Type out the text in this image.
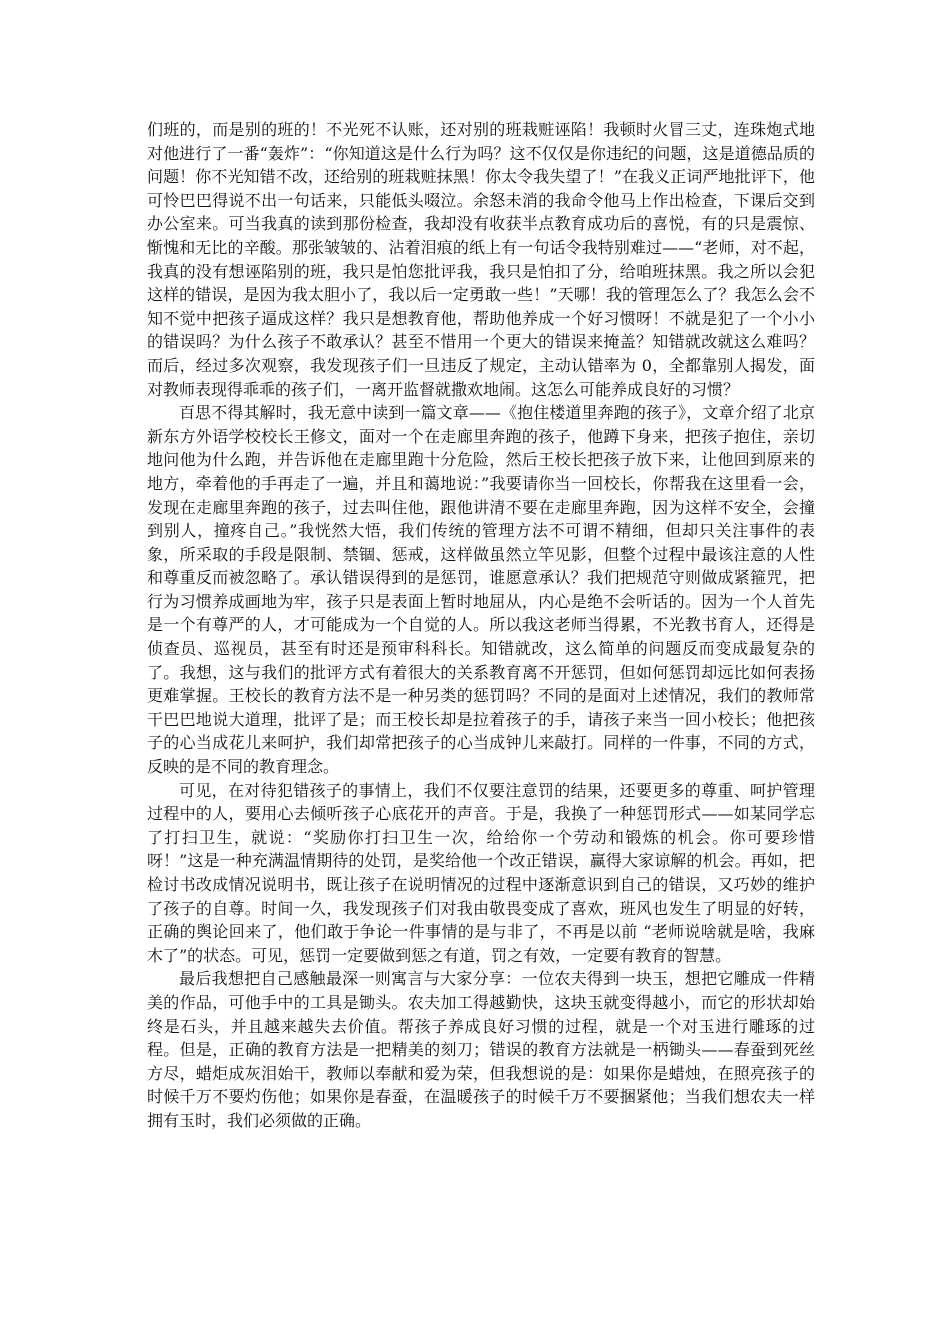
们班的，而是别的班的！不光死不认账，还对别的班栽赃诬陷！我顿时火冒三丈，连珠炮式地对他进行了一番“轰炸”：“你知道这是什么行为吗？这不仅仅是你违纪的问题，这是道德品质的问题！你不光知错不改，还给别的班栽赃抹黑！你太令我失望了！”在我义正词严地批评下，他可怜巴巴得说不出一句话来，只能低头啜泣。余怒未消的我命令他马上作出检查，下课后交到办公室来。可当我真的读到那份检查，我却没有收获半点教育成功后的喜悦，有的只是震惊、惭愧和无比的辛酸。那张皱皱的、沾着泪痕的纸上有一句话令我特别难过——“老师，对不起，我真的没有想诬陷别的班，我只是怕您批评我，我只是怕扣了分，给咱班抹黑。我之所以会犯这样的错误，是因为我太胆小了，我以后一定勇敢一些！”天哪！我的管理怎么了？我怎么会不知不觉中把孩子逼成这样？我只是想教育他，帮助他养成一个好习惯呀！不就是犯了一个小小的错误吗？为什么孩子不敢承认？甚至不惜用一个更大的错误来掩盖？知错就改就这么难吗？而后，经过多次观察，我发现孩子们一旦违反了规定，主动认错率为 0，全都靠别人揭发，面对教师表现得乖乖的孩子们，一离开监督就撒欢地闹。这怎么可能养成良好的习惯？

百思不得其解时，我无意中读到一篇文章——《抱住楼道里奔跑的孩子》，文章介绍了北京新东方外语学校校长王修文，面对一个在走廊里奔跑的孩子，他蹲下身来，把孩子抱住，亲切地问他为什么跑，并告诉他在走廊里跑十分危险，然后王校长把孩子放下来，让他回到原来的地方，牵着他的手再走了一遍，并且和蔼地说：”我要请你当一回校长，你帮我在这里看一会，发现在走廊里奔跑的孩子，过去叫住他，跟他讲清不要在走廊里奔跑，因为这样不安全，会撞到别人，撞疼自己。”我恍然大悟，我们传统的管理方法不可谓不精细，但却只关注事件的表象，所采取的手段是限制、禁锢、惩戒，这样做虽然立竿见影，但整个过程中最该注意的人性和尊重反而被忽略了。承认错误得到的是惩罚，谁愿意承认？我们把规范守则做成紧箍咒，把行为习惯养成画地为牢，孩子只是表面上暂时地屈从，内心是绝不会听话的。因为一个人首先是一个有尊严的人，才可能成为一个自觉的人。所以我这老师当得累，不光教书育人，还得是侦查员、巡视员，甚至有时还是预审科科长。知错就改，这么简单的问题反而变成最复杂的了。我想，这与我们的批评方式有着很大的关系教育离不开惩罚，但如何惩罚却远比如何表扬更难掌握。王校长的教育方法不是一种另类的惩罚吗？不同的是面对上述情况，我们的教师常干巴巴地说大道理，批评了是；而王校长却是拉着孩子的手，请孩子来当一回小校长；他把孩子的心当成花儿来呵护，我们却常把孩子的心当成钟儿来敲打。同样的一件事，不同的方式，反映的是不同的教育理念。

可见，在对待犯错孩子的事情上，我们不仅要注意罚的结果，还要更多的尊重、呵护管理过程中的人，要用心去倾听孩子心底花开的声音。于是，我换了一种惩罚形式——如某同学忘了打扫卫生，就说：“奖励你打扫卫生一次，给给你一个劳动和锻炼的机会。你可要珍惜呀！”这是一种充满温情期待的处罚，是奖给他一个改正错误，赢得大家谅解的机会。再如，把检讨书改成情况说明书，既让孩子在说明情况的过程中逐渐意识到自己的错误，又巧妙的维护了孩子的自尊。时间一久，我发现孩子们对我由敬畏变成了喜欢，班风也发生了明显的好转，正确的舆论回来了，他们敢于争论一件事情的是与非了，不再是以前 “老师说啥就是啥，我麻木了”的状态。可见，惩罚一定要做到惩之有道，罚之有效，一定要有教育的智慧。

最后我想把自己感触最深一则寓言与大家分享：一位农夫得到一块玉，想把它雕成一件精美的作品，可他手中的工具是锄头。农夫加工得越勤快，这块玉就变得越小，而它的形状却始终是石头，并且越来越失去价值。帮孩子养成良好习惯的过程，就是一个对玉进行雕琢的过程。但是，正确的教育方法是一把精美的刻刀；错误的教育方法就是一柄锄头——春蚕到死丝方尽，蜡炬成灰泪始干，教师以奉献和爱为荣，但我想说的是：如果你是蜡烛，在照亮孩子的时候千万不要灼伤他；如果你是春蚕，在温暖孩子的时候千万不要捆紧他；当我们想农夫一样拥有玉时，我们必须做的正确。
